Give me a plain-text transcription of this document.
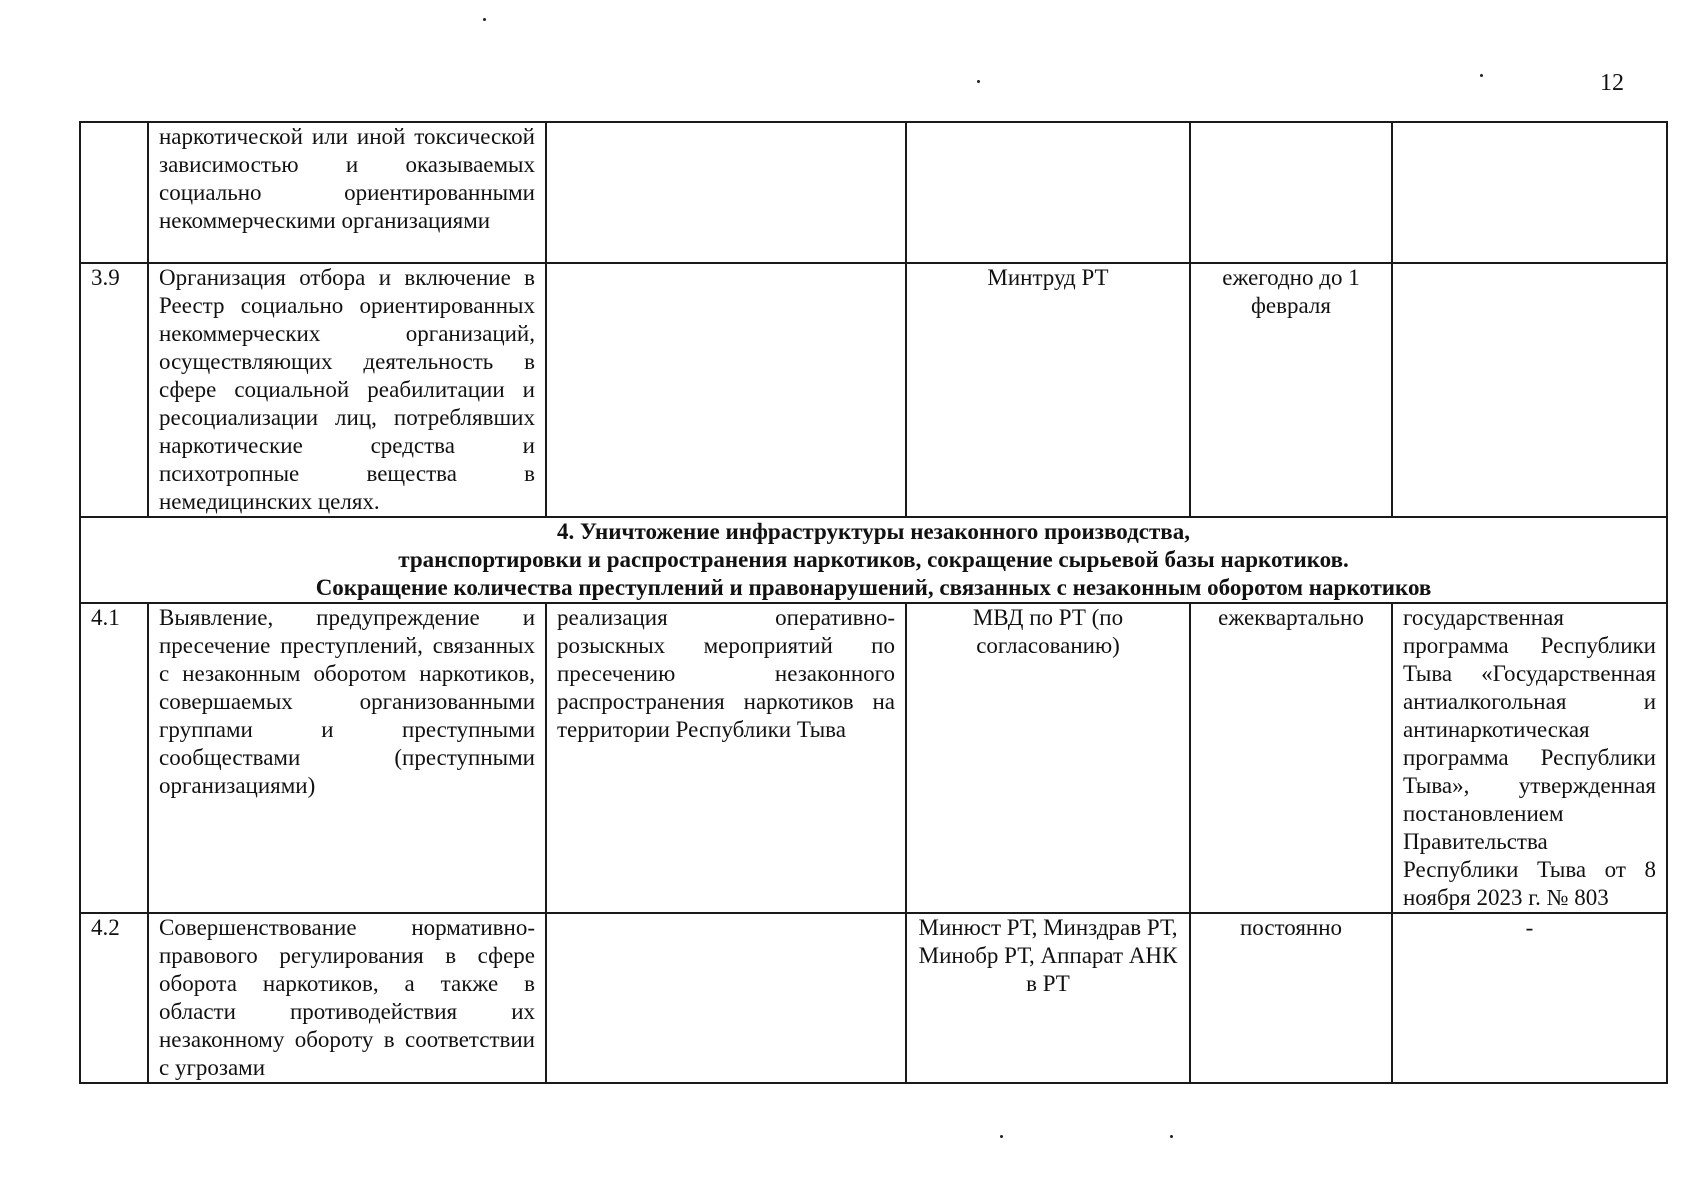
12
	наркотической или иной токсической зависимостью и оказываемых социально ориентированными некоммерческими организациями				
3.9	Организация отбора и включение в Реестр социально ориентированных некоммерческих организаций, осуществляющих деятельность в сфере социальной реабилитации и ресоциализации лиц, потреблявших наркотические средства и психотропные вещества в немедицинских целях.		Минтруд РТ	ежегодно до 1 февраля	

4. Уничтожение инфраструктуры незаконного производства,
транспортировки и распространения наркотиков, сокращение сырьевой базы наркотиков.
Сокращение количества преступлений и правонарушений, связанных с незаконным оборотом наркотиков					

4.1	Выявление, предупреждение и пресечение преступлений, связанных с незаконным оборотом наркотиков, совершаемых организованными группами и преступными сообществами (преступными организациями)	реализация оперативно-розыскных мероприятий по пресечению незаконного распространения наркотиков на территории Республики Тыва	МВД по РТ (по согласованию)	ежеквартально	государственная программа Республики Тыва «Государственная антиалкогольная и антинаркотическая программа Республики Тыва», утвержденная постановлением Правительства Республики Тыва от 8 ноября 2023 г. № 803
4.2	Совершенствование нормативно-правового регулирования в сфере оборота наркотиков, а также в области противодействия их незаконному обороту в соответствии с угрозами		Минюст РТ, Минздрав РТ, Минобр РТ, Аппарат АНК в РТ	постоянно	-
